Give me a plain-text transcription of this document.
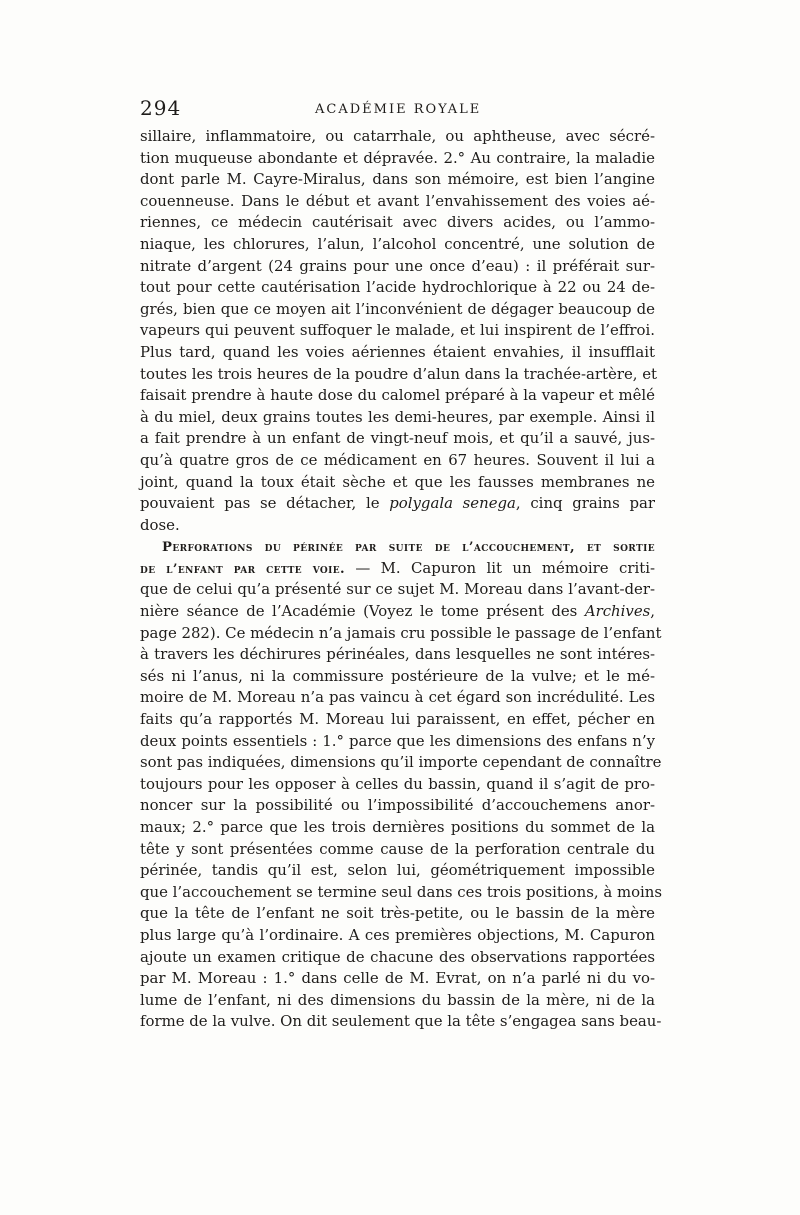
294	ACADÉMIE ROYALE
sillaire, inflammatoire, ou catarrhale, ou aphtheuse, avec sécré-
tion muqueuse abondante et dépravée. 2.° Au contraire, la maladie
dont parle M. Cayre-Miralus, dans son mémoire, est bien l’angine
couenneuse. Dans le début et avant l’envahissement des voies aé-
riennes, ce médecin cautérisait avec divers acides, ou l’ammo-
niaque, les chlorures, l’alun, l’alcohol concentré, une solution de
nitrate d’argent (24 grains pour une once d’eau) : il préférait sur-
tout pour cette cautérisation l’acide hydrochlorique à 22 ou 24 de-
grés, bien que ce moyen ait l’inconvénient de dégager beaucoup de
vapeurs qui peuvent suffoquer le malade, et lui inspirent de l’effroi.
Plus tard, quand les voies aériennes étaient envahies, il insufflait
toutes les trois heures de la poudre d’alun dans la trachée-artère, et
faisait prendre à haute dose du calomel préparé à la vapeur et mêlé
à du miel, deux grains toutes les demi-heures, par exemple. Ainsi il
a fait prendre à un enfant de vingt-neuf mois, et qu’il a sauvé, jus-
qu’à quatre gros de ce médicament en 67 heures. Souvent il lui a
joint, quand la toux était sèche et que les fausses membranes ne
pouvaient pas se détacher, le polygala senega, cinq grains par
dose.
Perforations du périnée par suite de l’accouchement, et sortie
de l’enfant par cette voie. — M. Capuron lit un mémoire criti-
que de celui qu’a présenté sur ce sujet M. Moreau dans l’avant-der-
nière séance de l’Académie (Voyez le tome présent des Archives,
page 282). Ce médecin n’a jamais cru possible le passage de l’enfant
à travers les déchirures périnéales, dans lesquelles ne sont intéres-
sés ni l’anus, ni la commissure postérieure de la vulve; et le mé-
moire de M. Moreau n’a pas vaincu à cet égard son incrédulité. Les
faits qu’a rapportés M. Moreau lui paraissent, en effet, pécher en
deux points essentiels : 1.° parce que les dimensions des enfans n’y
sont pas indiquées, dimensions qu’il importe cependant de connaître
toujours pour les opposer à celles du bassin, quand il s’agit de pro-
noncer sur la possibilité ou l’impossibilité d’accouchemens anor-
maux; 2.° parce que les trois dernières positions du sommet de la
tête y sont présentées comme cause de la perforation centrale du
périnée, tandis qu’il est, selon lui, géométriquement impossible
que l’accouchement se termine seul dans ces trois positions, à moins
que la tête de l’enfant ne soit très-petite, ou le bassin de la mère
plus large qu’à l’ordinaire. A ces premières objections, M. Capuron
ajoute un examen critique de chacune des observations rapportées
par M. Moreau : 1.° dans celle de M. Evrat, on n’a parlé ni du vo-
lume de l’enfant, ni des dimensions du bassin de la mère, ni de la
forme de la vulve. On dit seulement que la tête s’engagea sans beau-
